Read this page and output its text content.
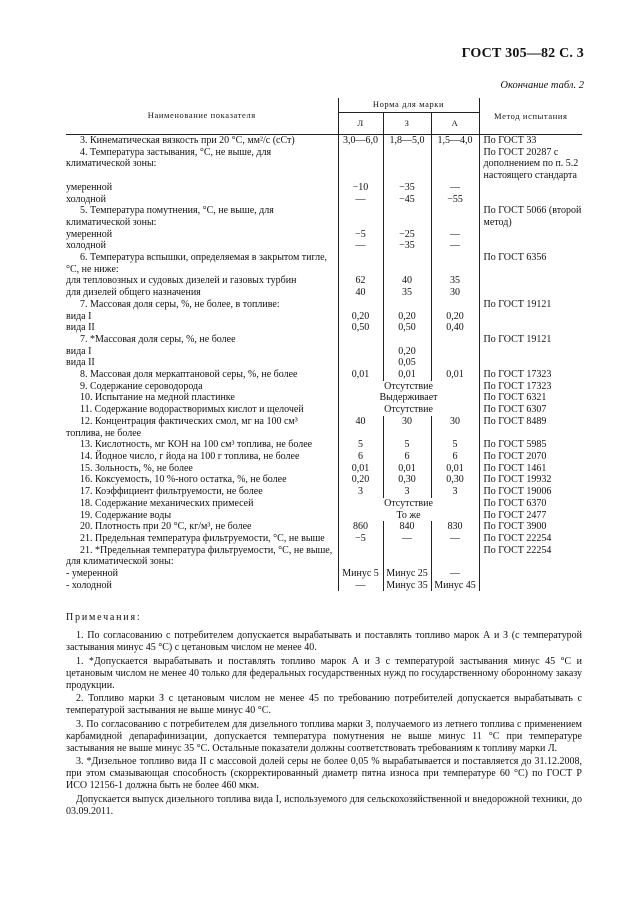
ГОСТ 305—82 С. 3
Окончание табл. 2
Наименование показателя	Норма для марки			Метод испытания
	Л	З	А	

3. Кинематическая вязкость при 20 °С, мм²/с (сСт)	3,0—6,0	1,8—5,0	1,5—4,0	По ГОСТ 33

4. Температура застывания, °С, не выше, для климатической зоны:				По ГОСТ 20287 с дополнением по п. 5.2 настоящего стандарта

умеренной	−10	−35	—	

холодной	—	−45	−55	

5. Температура помутнения, °С, не выше, для климатической зоны:				По ГОСТ 5066 (второй метод)

умеренной	−5	−25	—	

холодной	—	−35	—	

6. Температура вспышки, определяемая в закрытом тигле, °С, не ниже:				По ГОСТ 6356

для тепловозных и судовых дизелей и газовых турбин	62	40	35	

для дизелей общего назначения	40	35	30	

7. Массовая доля серы, %, не более, в топливе:				По ГОСТ 19121

вида I	0,20	0,20	0,20	

вида II	0,50	0,50	0,40	

7. *Массовая доля серы, %, не более				По ГОСТ 19121

вида I		0,20		

вида II		0,05		

8. Массовая доля меркаптановой серы, %, не более	0,01	0,01	0,01	По ГОСТ 17323

9. Содержание сероводорода	Отсутствие			По ГОСТ 17323

10. Испытание на медной пластинке	Выдерживает			По ГОСТ 6321

11. Содержание водорастворимых кислот и щелочей	Отсутствие			По ГОСТ 6307

12. Концентрация фактических смол, мг на 100 см³ топлива, не более	40	30	30	По ГОСТ 8489

13. Кислотность, мг КОН на 100 см³ топлива, не более	5	5	5	По ГОСТ 5985

14. Йодное число, г йода на 100 г топлива, не более	6	6	6	По ГОСТ 2070

15. Зольность, %, не более	0,01	0,01	0,01	По ГОСТ 1461

16. Коксуемость, 10 %-ного остатка, %, не более	0,20	0,30	0,30	По ГОСТ 19932

17. Коэффициент фильтруемости, не более	3	3	3	По ГОСТ 19006

18. Содержание механических примесей	Отсутствие			По ГОСТ 6370

19. Содержание воды	То же			По ГОСТ 2477

20. Плотность при 20 °С, кг/м³, не более	860	840	830	По ГОСТ 3900

21. Предельная температура фильтруемости, °С, не выше	−5	—	—	По ГОСТ 22254

21. *Предельная температура фильтруемости, °С, не выше, для климатической зоны:				По ГОСТ 22254

- умеренной	Минус 5	Минус 25	—	

- холодной	—	Минус 35	Минус 45	

Примечания:

1. По согласованию с потребителем допускается вырабатывать и поставлять топливо марок А и З (с температурой застывания минус 45 °С) с цетановым числом не менее 40.

1. *Допускается вырабатывать и поставлять топливо марок А и З с температурой застывания минус 45 °С и цетановым числом не менее 40 только для федеральных государственных нужд по государственному оборонному заказу продукции.

2. Топливо марки З с цетановым числом не менее 45 по требованию потребителей допускается вырабатывать с температурой застывания не выше минус 40 °С.

3. По согласованию с потребителем для дизельного топлива марки З, получаемого из летнего топлива с применением карбамидной депарафинизации, допускается температура помутнения не выше минус 11 °С при температуре застывания не выше минус 35 °С. Остальные показатели должны соответствовать требованиям к топливу марки Л.

3. *Дизельное топливо вида II с массовой долей серы не более 0,05 % вырабатывается и поставляется до 31.12.2008, при этом смазывающая способность (скорректированный диаметр пятна износа при температуре 60 °С) по ГОСТ Р ИСО 12156-1 должна быть не более 460 мкм.

Допускается выпуск дизельного топлива вида I, используемого для сельскохозяйственной и внедорожной техники, до 03.09.2011.
